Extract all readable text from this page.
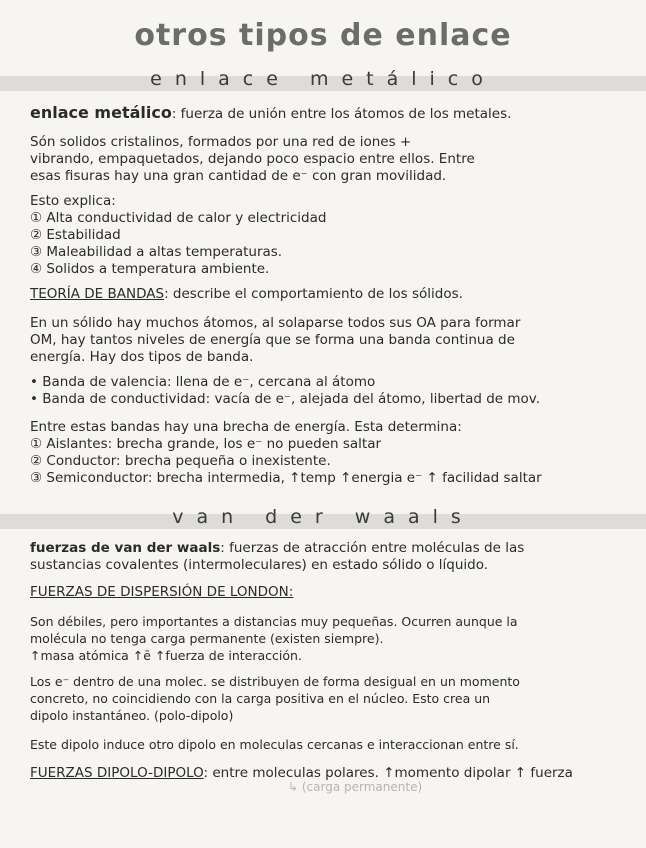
otros tipos de enlace
enlace metálico
enlace metálico: fuerza de unión entre los átomos de los metales.
Són solidos cristalinos, formados por una red de iones +
vibrando, empaquetados, dejando poco espacio entre ellos. Entre
esas fisuras hay una gran cantidad de e⁻ con gran movilidad.
Esto explica:
① Alta conductividad de calor y electricidad
② Estabilidad
③ Maleabilidad a altas temperaturas.
④ Solidos a temperatura ambiente.
TEORÍA DE BANDAS: describe el comportamiento de los sólidos.
En un sólido hay muchos átomos, al solaparse todos sus OA para formar
OM, hay tantos niveles de energía que se forma una banda continua de
energía. Hay dos tipos de banda.
• Banda de valencia: llena de e⁻, cercana al átomo
• Banda de conductividad: vacía de e⁻, alejada del átomo, libertad de mov.
Entre estas bandas hay una brecha de energía. Esta determina:
① Aislantes: brecha grande, los e⁻ no pueden saltar
② Conductor: brecha pequeña o inexistente.
③ Semiconductor: brecha intermedia, ↑temp ↑energia e⁻ ↑ facilidad saltar
van der waals
fuerzas de van der waals: fuerzas de atracción entre moléculas de las
sustancias covalentes (intermoleculares) en estado sólido o líquido.
FUERZAS DE DISPERSIÓN DE LONDON:
Son débiles, pero importantes a distancias muy pequeñas. Ocurren aunque la
molécula no tenga carga permanente (existen siempre).
↑masa atómica ↑ē ↑fuerza de interacción.
Los e⁻ dentro de una molec. se distribuyen de forma desigual en un momento
concreto, no coincidiendo con la carga positiva en el núcleo. Esto crea un
dipolo instantáneo. (polo-dipolo)
Este dipolo induce otro dipolo en moleculas cercanas e interaccionan entre sí.
FUERZAS DIPOLO-DIPOLO: entre moleculas polares. ↑momento dipolar ↑ fuerza
↳ (carga permanente)
